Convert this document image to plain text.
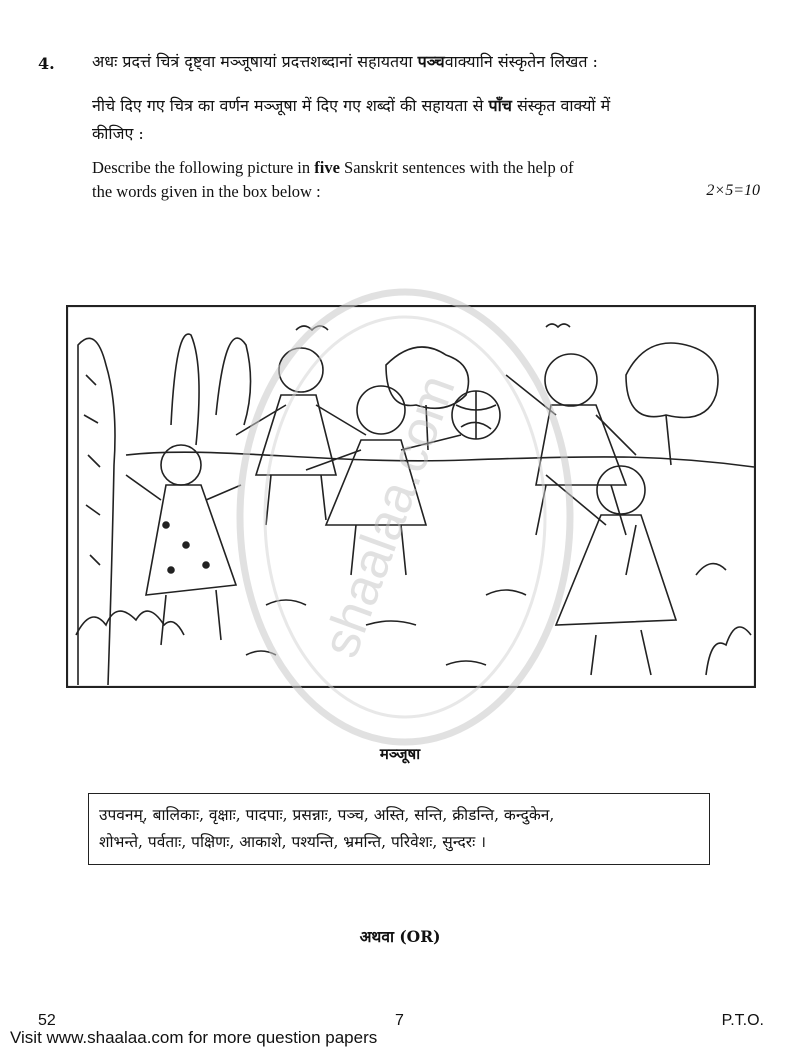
4. अधः प्रदत्तं चित्रं दृष्ट्वा मञ्जूषायां प्रदत्तशब्दानां सहायतया पञ्चवाक्यानि संस्कृतेन लिखत :
नीचे दिए गए चित्र का वर्णन मञ्जूषा में दिए गए शब्दों की सहायता से पाँच संस्कृत वाक्यों में
कीजिए :
Describe the following picture in five Sanskrit sentences with the help of
the words given in the box below :	2×5=10
shaalaa.com
मञ्जूषा
उपवनम्, बालिकाः, वृक्षाः, पादपाः, प्रसन्नाः, पञ्च, अस्ति, सन्ति, क्रीडन्ति, कन्दुकेन,
शोभन्ते, पर्वताः, पक्षिणः, आकाशे, पश्यन्ति, भ्रमन्ति, परिवेशः, सुन्दरः ।
अथवा (OR)
52	7	P.T.O.
Visit www.shaalaa.com for more question papers
